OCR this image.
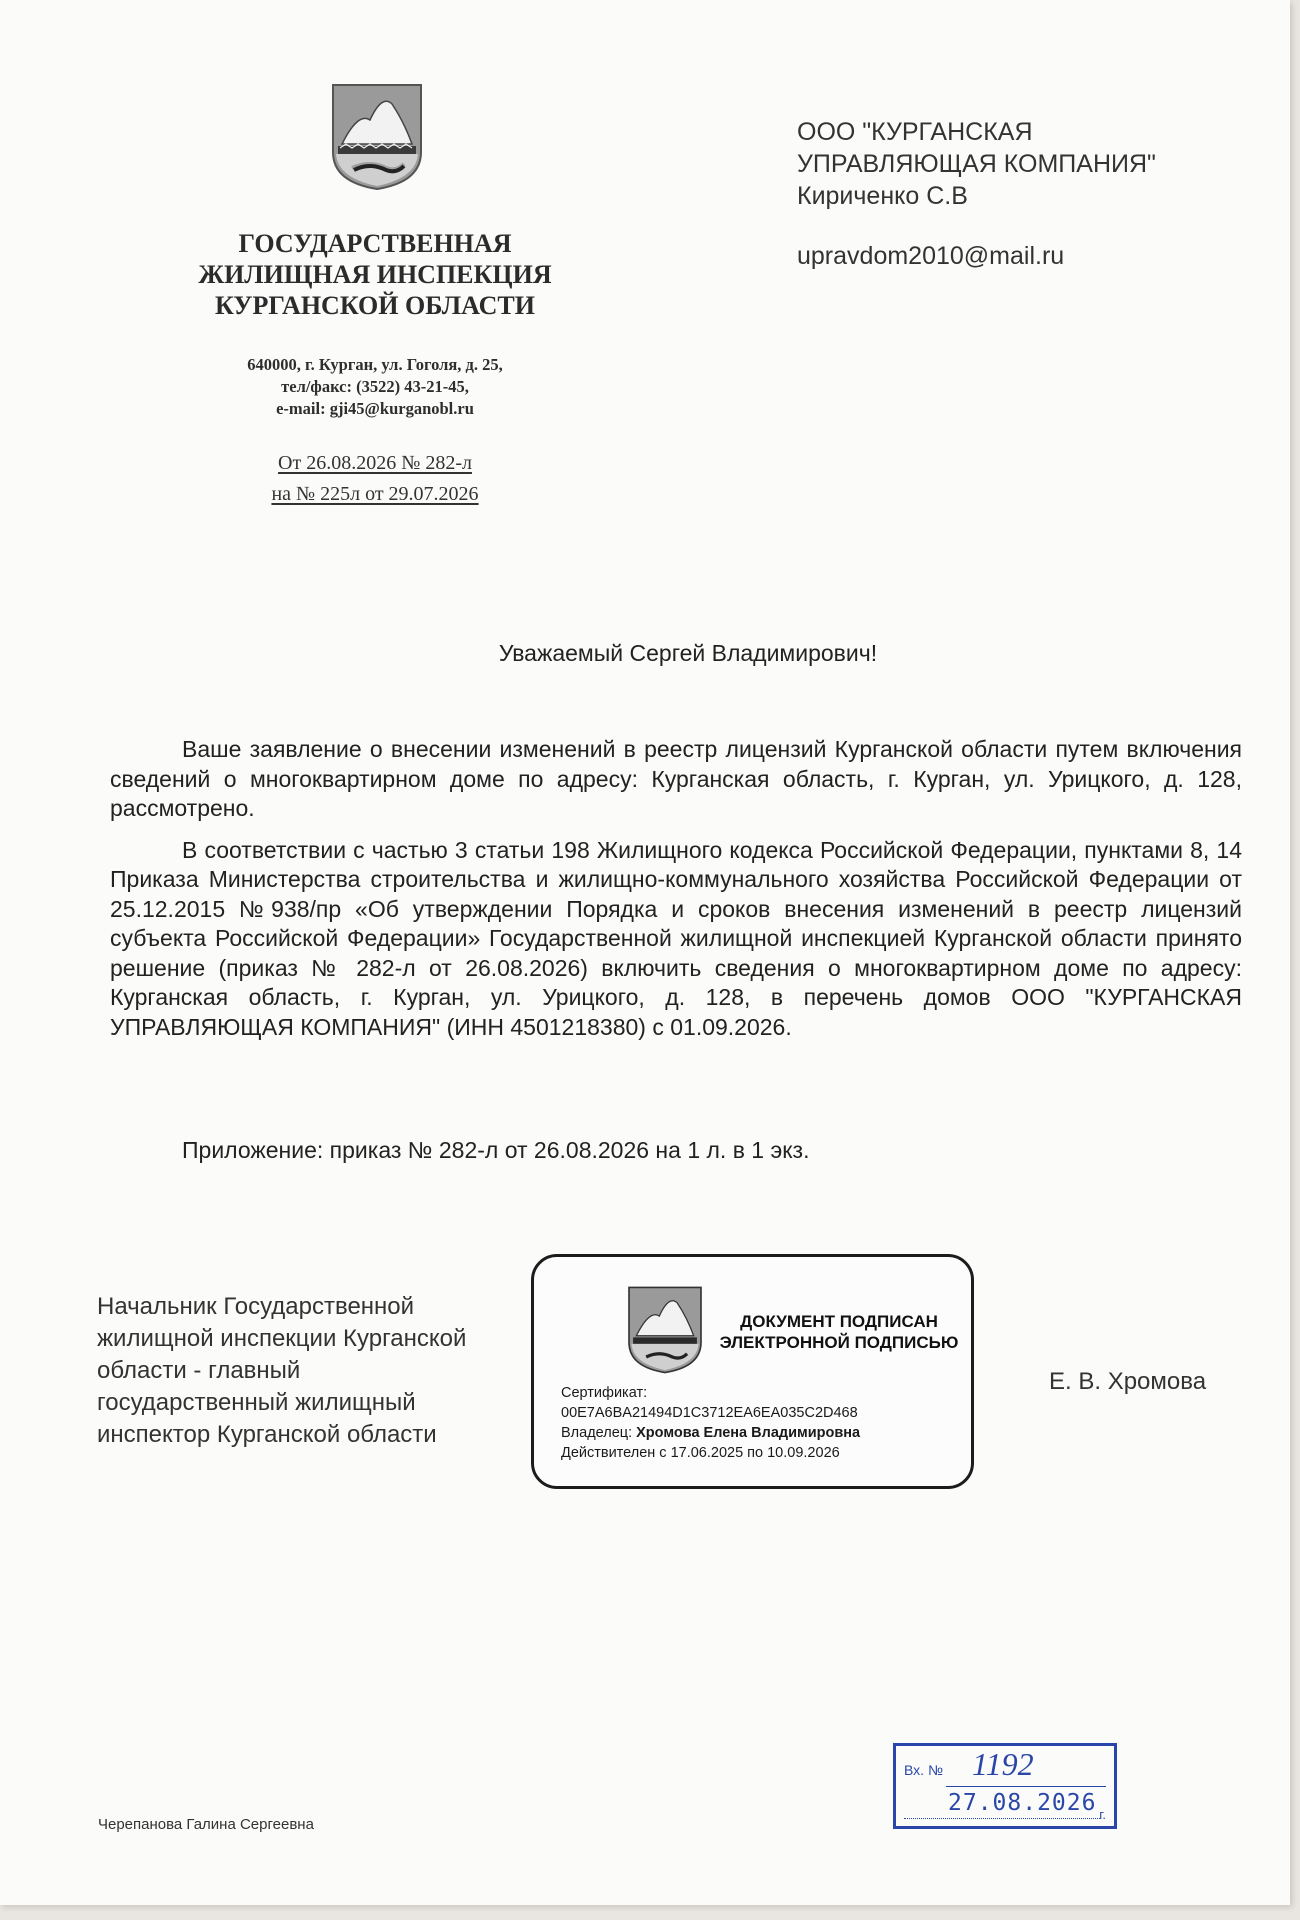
ГОСУДАРСТВЕННАЯ
ЖИЛИЩНАЯ ИНСПЕКЦИЯ
КУРГАНСКОЙ ОБЛАСТИ
640000, г. Курган, ул. Гоголя, д. 25,
тел/факс: (3522) 43-21-45,
e-mail: gji45@kurganobl.ru
От 26.08.2026 № 282-л
на № 225л от 29.07.2026
ООО "КУРГАНСКАЯ
УПРАВЛЯЮЩАЯ КОМПАНИЯ"
Кириченко С.В
upravdom2010@mail.ru
Уважаемый Сергей Владимирович!

Ваше заявление о внесении изменений в реестр лицензий Курганской области путем включения сведений о многоквартирном доме по адресу: Курганская область, г. Курган, ул. Урицкого, д. 128, рассмотрено.

В соответствии с частью 3 статьи 198 Жилищного кодекса Российской Федерации, пунктами 8, 14 Приказа Министерства строительства и жилищно-коммунального хозяйства Российской Федерации от 25.12.2015 №938/пр «Об утверждении Порядка и сроков внесения изменений в реестр лицензий субъекта Российской Федерации» Государственной жилищной инспекцией Курганской области принято решение (приказ № 282-л от 26.08.2026) включить сведения о многоквартирном доме по адресу: Курганская область, г. Курган, ул. Урицкого, д. 128, в перечень домов ООО "КУРГАНСКАЯ УПРАВЛЯЮЩАЯ КОМПАНИЯ" (ИНН 4501218380) с 01.09.2026.

Приложение: приказ № 282-л от 26.08.2026 на 1 л. в 1 экз.
Начальник Государственной
жилищной инспекции Курганской
области - главный
государственный жилищный
инспектор Курганской области
ДОКУМЕНТ ПОДПИСАН
ЭЛЕКТРОННОЙ ПОДПИСЬЮ
Сертификат:
00E7A6BA21494D1C3712EA6EA035C2D468
Владелец: Хромова Елена Владимировна
Действителен с 17.06.2025 по 10.09.2026
Е. В. Хромова
Черепанова Галина Сергеевна
Вх. № 1192
27.08.2026 г.
